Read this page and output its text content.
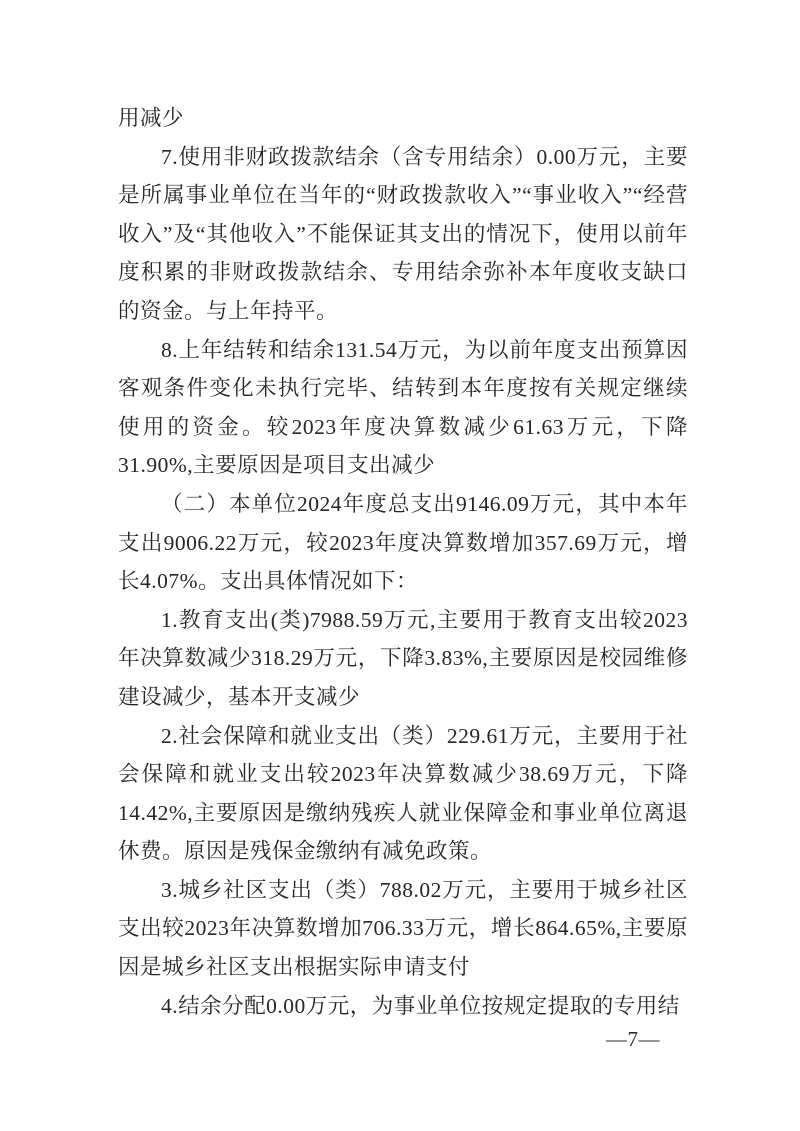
用减少

7.使用非财政拨款结余（含专用结余）0.00万元，主要是所属事业单位在当年的“财政拨款收入”“事业收入”“经营收入”及“其他收入”不能保证其支出的情况下，使用以前年度积累的非财政拨款结余、专用结余弥补本年度收支缺口的资金。与上年持平。

8.上年结转和结余131.54万元，为以前年度支出预算因客观条件变化未执行完毕、结转到本年度按有关规定继续使用的资金。较2023年度决算数减少61.63万元，下降31.90%,主要原因是项目支出减少

（二）本单位2024年度总支出9146.09万元，其中本年支出9006.22万元，较2023年度决算数增加357.69万元，增长4.07%。支出具体情况如下：

1.教育支出(类)7988.59万元,主要用于教育支出较2023年决算数减少318.29万元，下降3.83%,主要原因是校园维修建设减少，基本开支减少

2.社会保障和就业支出（类）229.61万元，主要用于社会保障和就业支出较2023年决算数减少38.69万元，下降14.42%,主要原因是缴纳残疾人就业保障金和事业单位离退休费。原因是残保金缴纳有减免政策。

3.城乡社区支出（类）788.02万元，主要用于城乡社区支出较2023年决算数增加706.33万元，增长864.65%,主要原因是城乡社区支出根据实际申请支付

4.结余分配0.00万元，为事业单位按规定提取的专用结

—7—
